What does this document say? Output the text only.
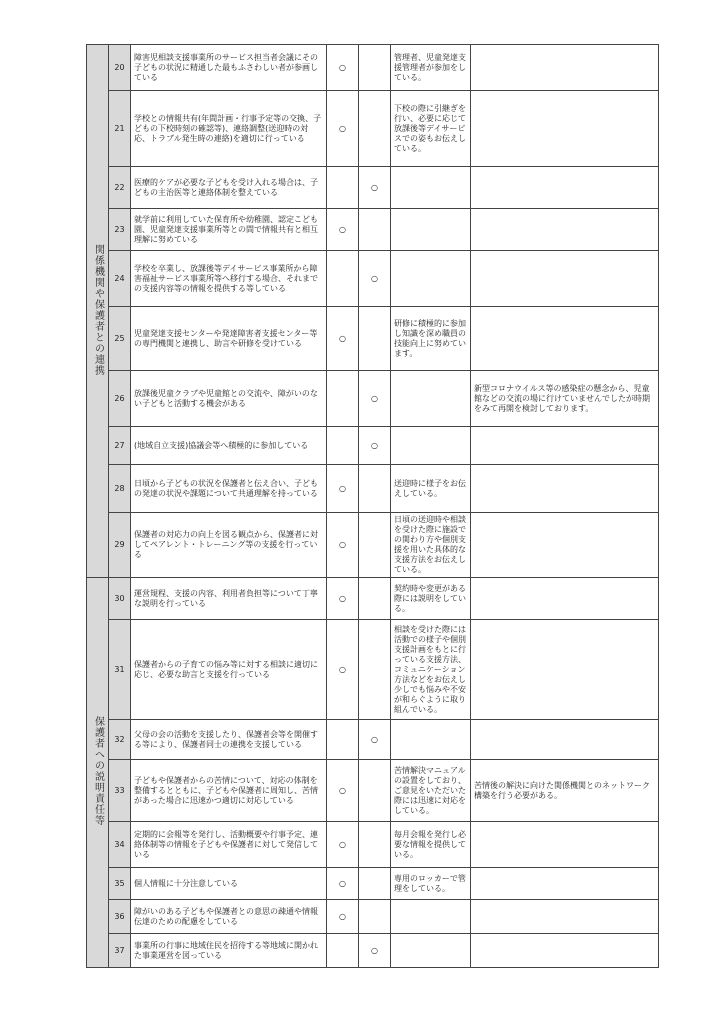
関係機関や保護者との連携	20	障害児相談支援事業所のサービス担当者会議にその子どもの状況に精通した最もふさわしい者が参画している	○		管理者、児童発達支援管理者が参加をしている。	
	21	学校との情報共有(年間計画・行事予定等の交換、子どもの下校時刻の確認等)、連絡調整(送迎時の対応、トラブル発生時の連絡)を適切に行っている	○		下校の際に引継ぎを行い、必要に応じて放課後等デイサービスでの姿もお伝えしている。	
	22	医療的ケアが必要な子どもを受け入れる場合は、子どもの主治医等と連絡体制を整えている		○		
	23	就学前に利用していた保育所や幼稚園、認定こども園、児童発達支援事業所等との間で情報共有と相互理解に努めている	○			
	24	学校を卒業し、放課後等デイサービス事業所から障害福祉サービス事業所等へ移行する場合、それまでの支援内容等の情報を提供する等している		○		
	25	児童発達支援センターや発達障害者支援センター等の専門機関と連携し、助言や研修を受けている	○		研修に積極的に参加し知識を深め職員の技能向上に努めています。	
	26	放課後児童クラブや児童館との交流や、障がいのない子どもと活動する機会がある		○		新型コロナウイルス等の感染症の懸念から、児童館などの交流の場に行けていませんでしたが時期をみて再開を検討しております。
	27	(地域自立支援)協議会等へ積極的に参加している		○		
	28	日頃から子どもの状況を保護者と伝え合い、子どもの発達の状況や課題について共通理解を持っている	○		送迎時に様子をお伝えしている。	
	29	保護者の対応力の向上を図る観点から、保護者に対してペアレント・トレーニング等の支援を行っている	○		日頃の送迎時や相談を受けた際に施設での関わり方や個別支援を用いた具体的な支援方法をお伝えしている。	
保護者への説明責任等	30	運営規程、支援の内容、利用者負担等について丁寧な説明を行っている	○		契約時や変更がある際には説明をしている。	
	31	保護者からの子育ての悩み等に対する相談に適切に応じ、必要な助言と支援を行っている	○		相談を受けた際には活動での様子や個別支援計画をもとに行っている支援方法、コミュニケーション方法などをお伝えし少しでも悩みや不安が和らぐように取り組んでいる。	
	32	父母の会の活動を支援したり、保護者会等を開催する等により、保護者同士の連携を支援している		○		
	33	子どもや保護者からの苦情について、対応の体制を整備するとともに、子どもや保護者に周知し、苦情があった場合に迅速かつ適切に対応している	○		苦情解決マニュアルの設置をしており、ご意見をいただいた際には迅速に対応をしている。	苦情後の解決に向けた関係機関とのネットワーク構築を行う必要がある。
	34	定期的に会報等を発行し、活動概要や行事予定、連絡体制等の情報を子どもや保護者に対して発信している	○		毎月会報を発行し必要な情報を提供している。	
	35	個人情報に十分注意している	○		専用のロッカーで管理をしている。	
	36	障がいのある子どもや保護者との意思の疎通や情報伝達のための配慮をしている	○			
	37	事業所の行事に地域住民を招待する等地域に開かれた事業運営を図っている		○		
